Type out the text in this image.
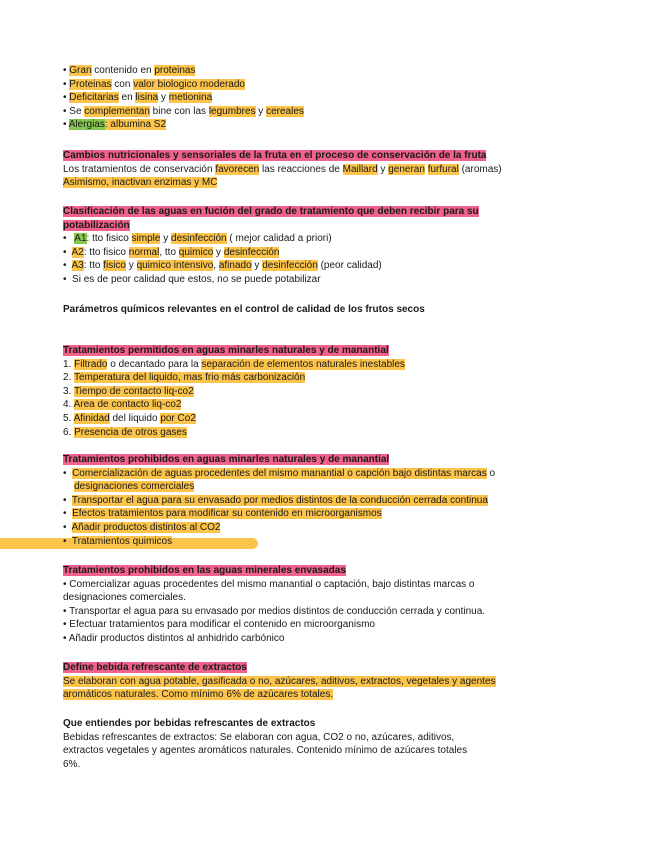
• Gran contenido en proteinas
• Proteinas con valor biologico moderado
• Deficitarias en lisina y metionina
• Se complementan bine con las legumbres y cereales
• Alergias: albumina S2
Cambios nutricionales y sensoriales de la fruta en el proceso de conservación de la fruta
Los tratamientos de conservación favorecen las reacciones de Maillard y generan furfural (aromas)
Asimismo, inactivan enzimas y MC
Clasificación de las aguas en fución del grado de tratamiento que deben recibir para su
potabilización
•   A1: tto fisico simple y desinfección ( mejor calidad a priori)
•  A2: tto fisico normal, tto quimico y desinfección
•  A3: tto fisico y quimico intensivo, afinado y desinfección (peor calidad)
•  Si es de peor calidad que estos, no se puede potabilizar
Parámetros químicos relevantes en el control de calidad de los frutos secos
Tratamientos permitidos en aguas minarles naturales y de manantial
1. Filtrado o decantado para la separación de elementos naturales inestables
2. Temperatura del liquido, mas frio más carbonización
3. Tiempo de contacto liq-co2
4. Area de contacto liq-co2
5. Afinidad del liquido por Co2
6. Presencia de otros gases
Tratamientos prohibidos en aguas minarles naturales y de manantial
•  Comercialización de aguas procedentes del mismo manantial o capción bajo distintas marcas o
designaciones comerciales
•  Transportar el agua para su envasado por medios distintos de la conducción cerrada continua
•  Efectos tratamientos para modificar su contenido en microorganismos
•  Añadir productos distintos al CO2
•  Tratamientos quimicos
Tratamientos prohibidos en las aguas minerales envasadas
• Comercializar aguas procedentes del mismo manantial o captación, bajo distintas marcas o
designaciones comerciales.
• Transportar el agua para su envasado por medios distintos de conducción cerrada y continua.
• Efectuar tratamientos para modificar el contenido en microorganismo
• Añadir productos distintos al anhidrido carbónico
Define bebida refrescante de extractos
Se elaboran con agua potable, gasificada o no, azúcares, aditivos, extractos, vegetales y agentes
aromáticos naturales. Como mínimo 6% de azúcares totales.
Que entiendes por bebidas refrescantes de extractos
Bebidas refrescantes de extractos: Se elaboran con agua, CO2 o no, azúcares, aditivos,
extractos vegetales y agentes aromáticos naturales. Contenido mínimo de azúcares totales
6%.
